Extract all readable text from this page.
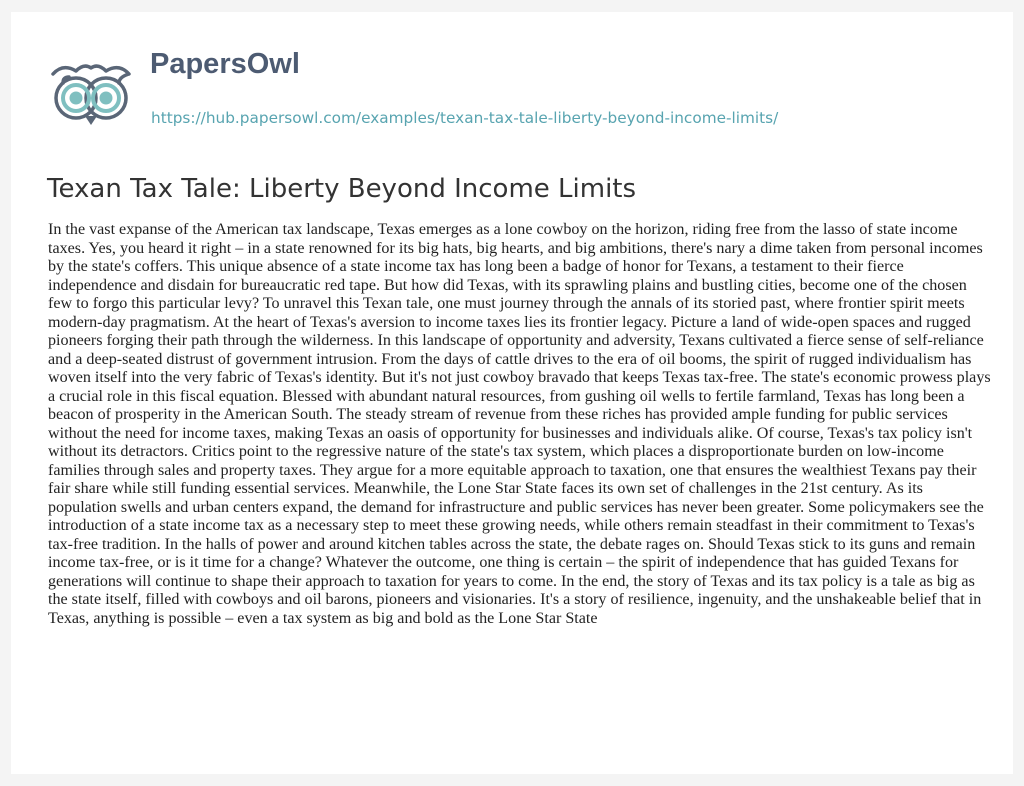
PapersOwl
https://hub.papersowl.com/examples/texan-tax-tale-liberty-beyond-income-limits/
Texan Tax Tale: Liberty Beyond Income Limits

In the vast expanse of the American tax landscape, Texas emerges as a lone cowboy on the horizon, riding free from the lasso of state income taxes. Yes, you heard it right – in a state renowned for its big hats, big hearts, and big ambitions, there's nary a dime taken from personal incomes by the state's coffers. This unique absence of a state income tax has long been a badge of honor for Texans, a testament to their fierce independence and disdain for bureaucratic red tape. But how did Texas, with its sprawling plains and bustling cities, become one of the chosen few to forgo this particular levy? To unravel this Texan tale, one must journey through the annals of its storied past, where frontier spirit meets modern-day pragmatism. At the heart of Texas's aversion to income taxes lies its frontier legacy. Picture a land of wide-open spaces and rugged pioneers forging their path through the wilderness. In this landscape of opportunity and adversity, Texans cultivated a fierce sense of self-reliance and a deep-seated distrust of government intrusion. From the days of cattle drives to the era of oil booms, the spirit of rugged individualism has woven itself into the very fabric of Texas's identity. But it's not just cowboy bravado that keeps Texas tax-free. The state's economic prowess plays a crucial role in this fiscal equation. Blessed with abundant natural resources, from gushing oil wells to fertile farmland, Texas has long been a beacon of prosperity in the American South. The steady stream of revenue from these riches has provided ample funding for public services without the need for income taxes, making Texas an oasis of opportunity for businesses and individuals alike. Of course, Texas's tax policy isn't without its detractors. Critics point to the regressive nature of the state's tax system, which places a disproportionate burden on low-income families through sales and property taxes. They argue for a more equitable approach to taxation, one that ensures the wealthiest Texans pay their fair share while still funding essential services. Meanwhile, the Lone Star State faces its own set of challenges in the 21st century. As its population swells and urban centers expand, the demand for infrastructure and public services has never been greater. Some policymakers see the introduction of a state income tax as a necessary step to meet these growing needs, while others remain steadfast in their commitment to Texas's tax-free tradition. In the halls of power and around kitchen tables across the state, the debate rages on. Should Texas stick to its guns and remain income tax-free, or is it time for a change? Whatever the outcome, one thing is certain – the spirit of independence that has guided Texans for generations will continue to shape their approach to taxation for years to come. In the end, the story of Texas and its tax policy is a tale as big as the state itself, filled with cowboys and oil barons, pioneers and visionaries. It's a story of resilience, ingenuity, and the unshakeable belief that in Texas, anything is possible – even a tax system as big and bold as the Lone Star State
